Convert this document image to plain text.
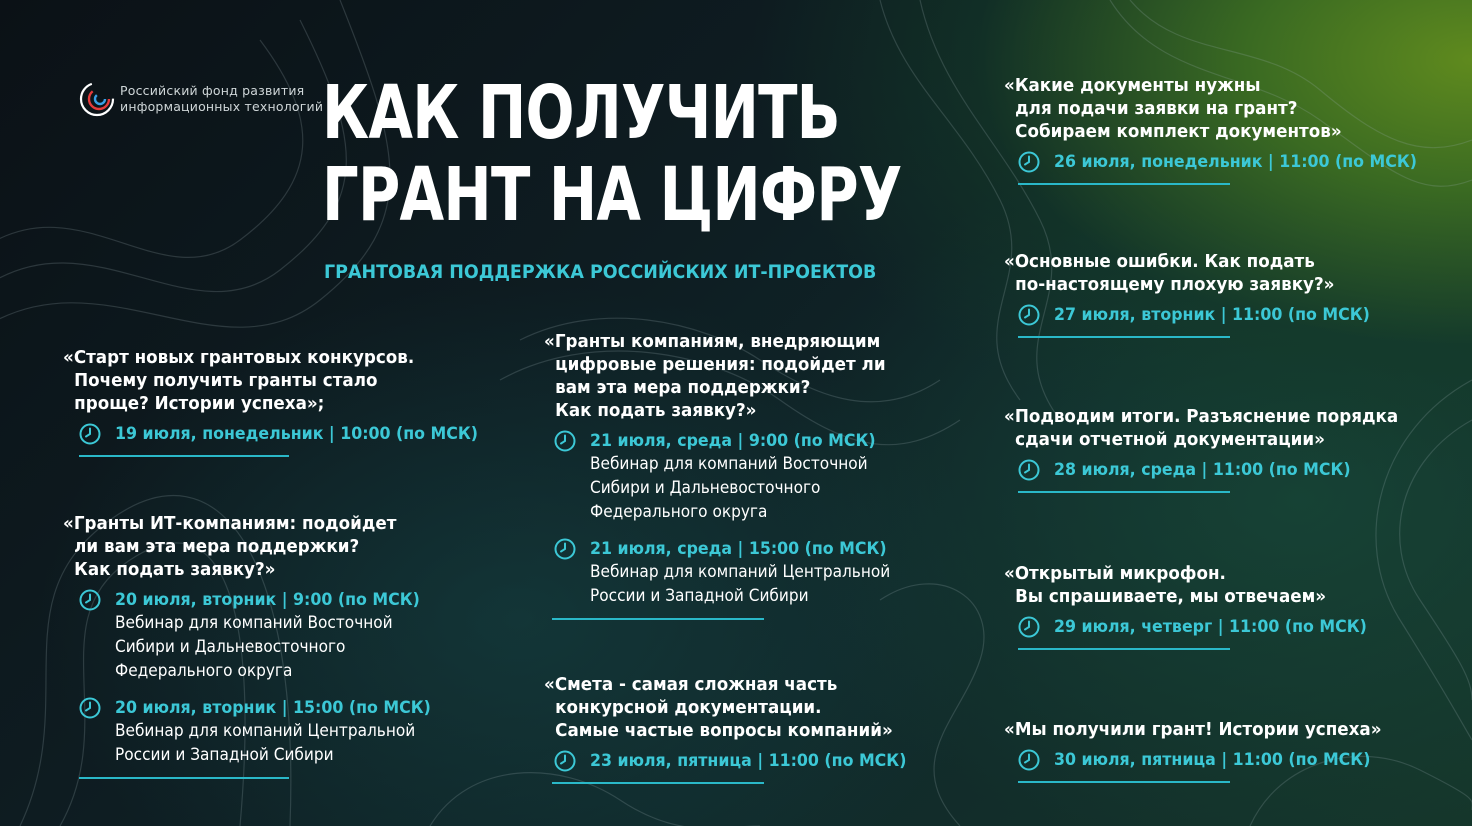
Российский фонд развития
информационных технологий
КАК ПОЛУЧИТЬ
ГРАНТ НА ЦИФРУ
ГРАНТОВАЯ ПОДДЕРЖКА РОССИЙСКИХ ИТ-ПРОЕКТОВ
«Старт новых грантовых конкурсов.
Почему получить гранты стало
проще? Истории успеха»;
19 июля, понедельник | 10:00 (по МСК)
«Гранты ИТ-компаниям: подойдет
ли вам эта мера поддержки?
Как подать заявку?»
20 июля, вторник | 9:00 (по МСК)
Вебинар для компаний Восточной
Сибири и Дальневосточного
Федерального округа
20 июля, вторник | 15:00 (по МСК)
Вебинар для компаний Центральной
России и Западной Сибири
«Гранты компаниям, внедряющим
цифровые решения: подойдет ли
вам эта мера поддержки?
Как подать заявку?»
21 июля, среда | 9:00 (по МСК)
Вебинар для компаний Восточной
Сибири и Дальневосточного
Федерального округа
21 июля, среда | 15:00 (по МСК)
Вебинар для компаний Центральной
России и Западной Сибири
«Смета - самая сложная часть
конкурсной документации.
Самые частые вопросы компаний»
23 июля, пятница | 11:00 (по МСК)
«Какие документы нужны
для подачи заявки на грант?
Собираем комплект документов»
26 июля, понедельник | 11:00 (по МСК)
«Основные ошибки. Как подать
по-настоящему плохую заявку?»
27 июля, вторник | 11:00 (по МСК)
«Подводим итоги. Разъяснение порядка
сдачи отчетной документации»
28 июля, среда | 11:00 (по МСК)
«Открытый микрофон.
Вы спрашиваете, мы отвечаем»
29 июля, четверг | 11:00 (по МСК)
«Мы получили грант! Истории успеха»
30 июля, пятница | 11:00 (по МСК)
